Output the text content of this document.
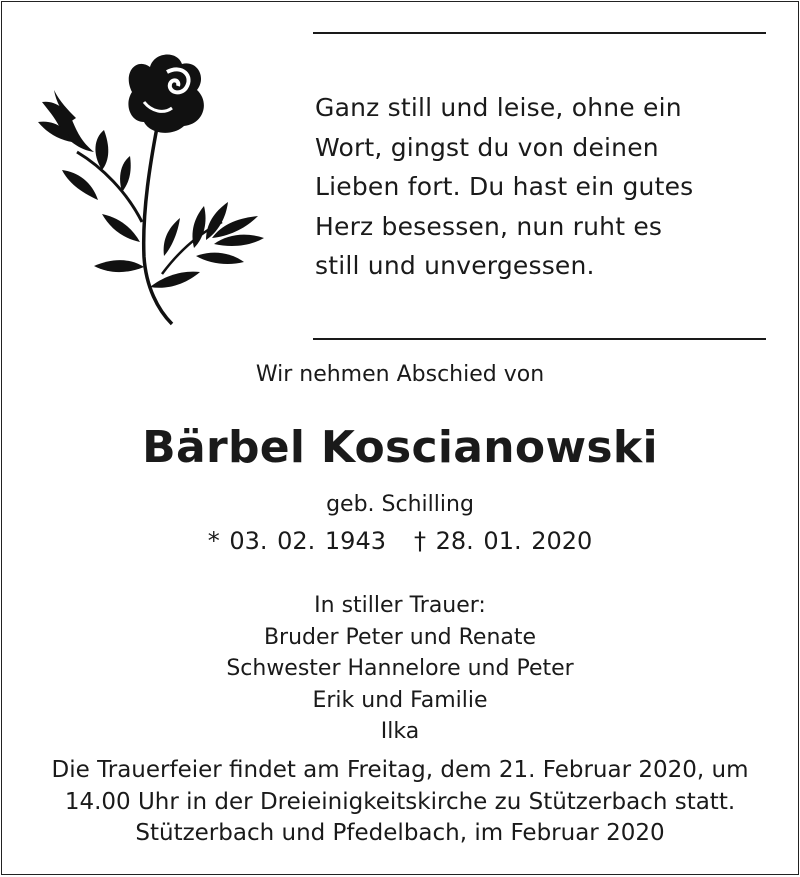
Ganz still und leise, ohne ein
Wort, gingst du von deinen
Lieben fort. Du hast ein gutes
Herz besessen, nun ruht es
still und unvergessen.
Wir nehmen Abschied von
Bärbel Koscianowski
geb. Schilling
* 03. 02. 1943 † 28. 01. 2020
In stiller Trauer:
Bruder Peter und Renate
Schwester Hannelore und Peter
Erik und Familie
Ilka
Die Trauerfeier findet am Freitag, dem 21. Februar 2020, um
14.00 Uhr in der Dreieinigkeitskirche zu Stützerbach statt.
Stützerbach und Pfedelbach, im Februar 2020
